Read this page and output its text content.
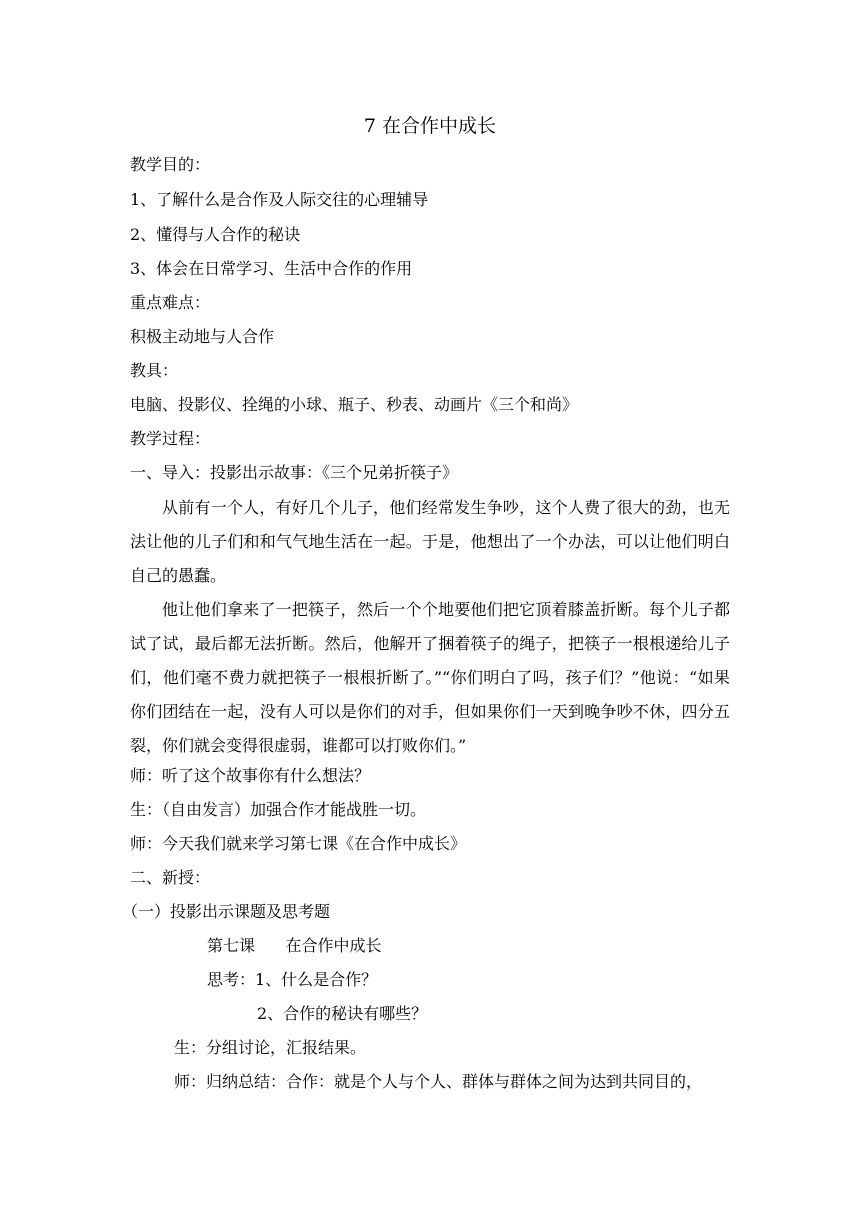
7 在合作中成长
教学目的：
1、了解什么是合作及人际交往的心理辅导
2、懂得与人合作的秘诀
3、体会在日常学习、生活中合作的作用
重点难点：
积极主动地与人合作
教具：
电脑、投影仪、拴绳的小球、瓶子、秒表、动画片《三个和尚》
教学过程：
一、导入：投影出示故事：《三个兄弟折筷子》
从前有一个人，有好几个儿子，他们经常发生争吵，这个人费了很大的劲，也无法让他的儿子们和和气气地生活在一起。于是，他想出了一个办法，可以让他们明白自己的愚蠢。
他让他们拿来了一把筷子，然后一个个地要他们把它顶着膝盖折断。每个儿子都试了试，最后都无法折断。然后，他解开了捆着筷子的绳子，把筷子一根根递给儿子们，他们毫不费力就把筷子一根根折断了。”“你们明白了吗，孩子们？”他说：“如果你们团结在一起，没有人可以是你们的对手，但如果你们一天到晚争吵不休，四分五裂，你们就会变得很虚弱，谁都可以打败你们。”
师：听了这个故事你有什么想法？
生：（自由发言）加强合作才能战胜一切。
师：今天我们就来学习第七课《在合作中成长》
二、新授：
（一）投影出示课题及思考题
第七课      在合作中成长
思考：1、什么是合作？
2、合作的秘诀有哪些？
生：分组讨论，汇报结果。
师：归纳总结：合作：就是个人与个人、群体与群体之间为达到共同目的，
